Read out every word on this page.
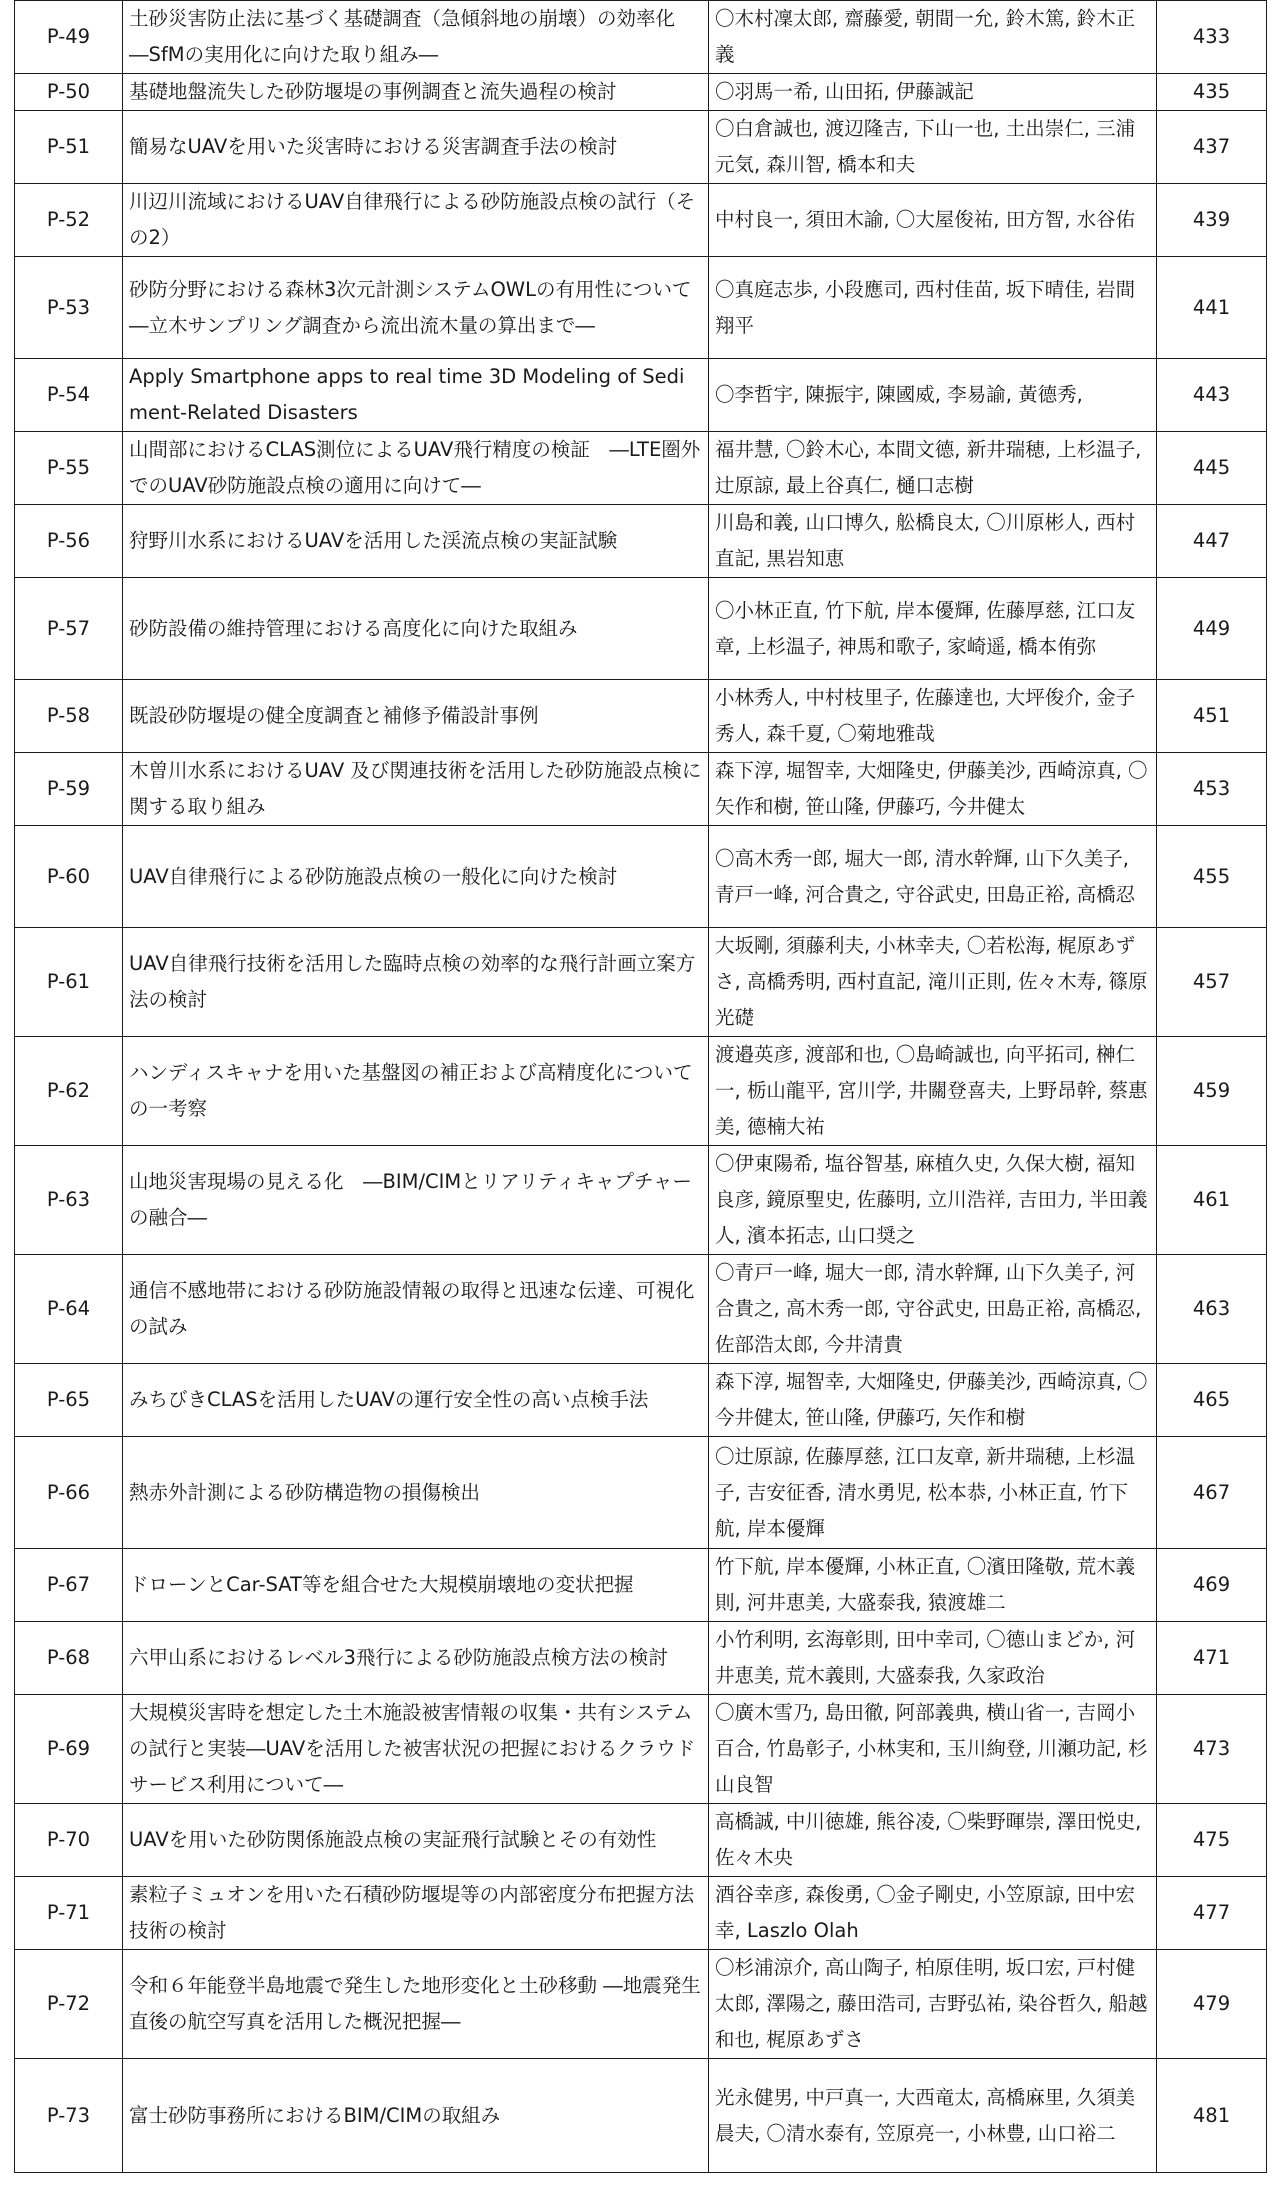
P-49	土砂災害防止法に基づく基礎調査（急傾斜地の崩壊）の効率化　―SfMの実用化に向けた取り組み―	〇木村凜太郎, 齋藤愛, 朝間一允, 鈴木篤, 鈴木正義	433
P-50	基礎地盤流失した砂防堰堤の事例調査と流失過程の検討	〇羽馬一希, 山田拓, 伊藤誠記	435
P-51	簡易なUAVを用いた災害時における災害調査手法の検討	〇白倉誠也, 渡辺隆吉, 下山一也, 土出崇仁, 三浦元気, 森川智, 橋本和夫	437
P-52	川辺川流域におけるUAV自律飛行による砂防施設点検の試行（その2）	中村良一, 須田木諭, 〇大屋俊祐, 田方智, 水谷佑	439
P-53	砂防分野における森林3次元計測システムOWLの有用性について　―立木サンプリング調査から流出流木量の算出まで―	〇真庭志歩, 小段應司, 西村佳苗, 坂下晴佳, 岩間翔平	441
P-54	Apply Smartphone apps to real time 3D Modeling of Sediment-Related Disasters	〇李哲宇, 陳振宇, 陳國威, 李易諭, 黃德秀,	443
P-55	山間部におけるCLAS測位によるUAV飛行精度の検証　―LTE圏外でのUAV砂防施設点検の適用に向けて―	福井慧, 〇鈴木心, 本間文德, 新井瑞穂, 上杉温子, 辻原諒, 最上谷真仁, 樋口志樹	445
P-56	狩野川水系におけるUAVを活用した渓流点検の実証試験	川島和義, 山口博久, 舩橋良太, 〇川原彬人, 西村直記, 黒岩知恵	447
P-57	砂防設備の維持管理における高度化に向けた取組み	〇小林正直, 竹下航, 岸本優輝, 佐藤厚慈, 江口友章, 上杉温子, 神馬和歌子, 家崎遥, 橋本侑弥	449
P-58	既設砂防堰堤の健全度調査と補修予備設計事例	小林秀人, 中村枝里子, 佐藤達也, 大坪俊介, 金子秀人, 森千夏, 〇菊地雅哉	451
P-59	木曽川水系におけるUAV 及び関連技術を活用した砂防施設点検に関する取り組み	森下淳, 堀智幸, 大畑隆史, 伊藤美沙, 西崎涼真, 〇矢作和樹, 笹山隆, 伊藤巧, 今井健太	453
P-60	UAV自律飛行による砂防施設点検の一般化に向けた検討	〇高木秀一郎, 堀大一郎, 清水幹輝, 山下久美子, 青戸一峰, 河合貴之, 守谷武史, 田島正裕, 高橋忍	455
P-61	UAV自律飛行技術を活用した臨時点検の効率的な飛行計画立案方法の検討	大坂剛, 須藤利夫, 小林幸夫, 〇若松海, 梶原あずさ, 高橋秀明, 西村直記, 滝川正則, 佐々木寿, 篠原光礎	457
P-62	ハンディスキャナを用いた基盤図の補正および高精度化についての一考察	渡邉英彦, 渡部和也, 〇島崎誠也, 向平拓司, 榊仁一, 栃山龍平, 宮川学, 井關登喜夫, 上野昂幹, 蔡惠美, 德楠大祐	459
P-63	山地災害現場の見える化　―BIM/CIMとリアリティキャプチャーの融合―	〇伊東陽希, 塩谷智基, 麻植久史, 久保大樹, 福知良彦, 鏡原聖史, 佐藤明, 立川浩祥, 吉田力, 半田義人, 濱本拓志, 山口奨之	461
P-64	通信不感地帯における砂防施設情報の取得と迅速な伝達、可視化の試み	〇青戸一峰, 堀大一郎, 清水幹輝, 山下久美子, 河合貴之, 高木秀一郎, 守谷武史, 田島正裕, 高橋忍, 佐部浩太郎, 今井清貴	463
P-65	みちびきCLASを活用したUAVの運行安全性の高い点検手法	森下淳, 堀智幸, 大畑隆史, 伊藤美沙, 西崎涼真, 〇今井健太, 笹山隆, 伊藤巧, 矢作和樹	465
P-66	熱赤外計測による砂防構造物の損傷検出	〇辻原諒, 佐藤厚慈, 江口友章, 新井瑞穂, 上杉温子, 吉安征香, 清水勇児, 松本恭, 小林正直, 竹下航, 岸本優輝	467
P-67	ドローンとCar-SAT等を組合せた大規模崩壊地の変状把握	竹下航, 岸本優輝, 小林正直, 〇濱田隆敬, 荒木義則, 河井恵美, 大盛泰我, 猿渡雄二	469
P-68	六甲山系におけるレベル3飛行による砂防施設点検方法の検討	小竹利明, 玄海彰則, 田中幸司, 〇德山まどか, 河井恵美, 荒木義則, 大盛泰我, 久家政治	471
P-69	大規模災害時を想定した土木施設被害情報の収集・共有システムの試行と実装―UAVを活用した被害状況の把握におけるクラウドサービス利用について―	〇廣木雪乃, 島田徹, 阿部義典, 横山省一, 吉岡小百合, 竹島彰子, 小林実和, 玉川絢登, 川瀬功記, 杉山良智	473
P-70	UAVを用いた砂防関係施設点検の実証飛行試験とその有効性	高橋誠, 中川徳雄, 熊谷凌, 〇柴野暉崇, 澤田悦史, 佐々木央	475
P-71	素粒子ミュオンを用いた石積砂防堰堤等の内部密度分布把握方法技術の検討	酒谷幸彦, 森俊勇, 〇金子剛史, 小笠原諒, 田中宏幸, Laszlo Olah	477
P-72	令和６年能登半島地震で発生した地形変化と土砂移動 ―地震発生直後の航空写真を活用した概況把握―	〇杉浦涼介, 高山陶子, 柏原佳明, 坂口宏, 戸村健太郎, 澤陽之, 藤田浩司, 吉野弘祐, 染谷哲久, 船越和也, 梶原あずさ	479
P-73	富士砂防事務所におけるBIM/CIMの取組み	光永健男, 中戸真一, 大西竜太, 高橋麻里, 久須美晨夫, 〇清水泰有, 笠原亮一, 小林豊, 山口裕二	481
